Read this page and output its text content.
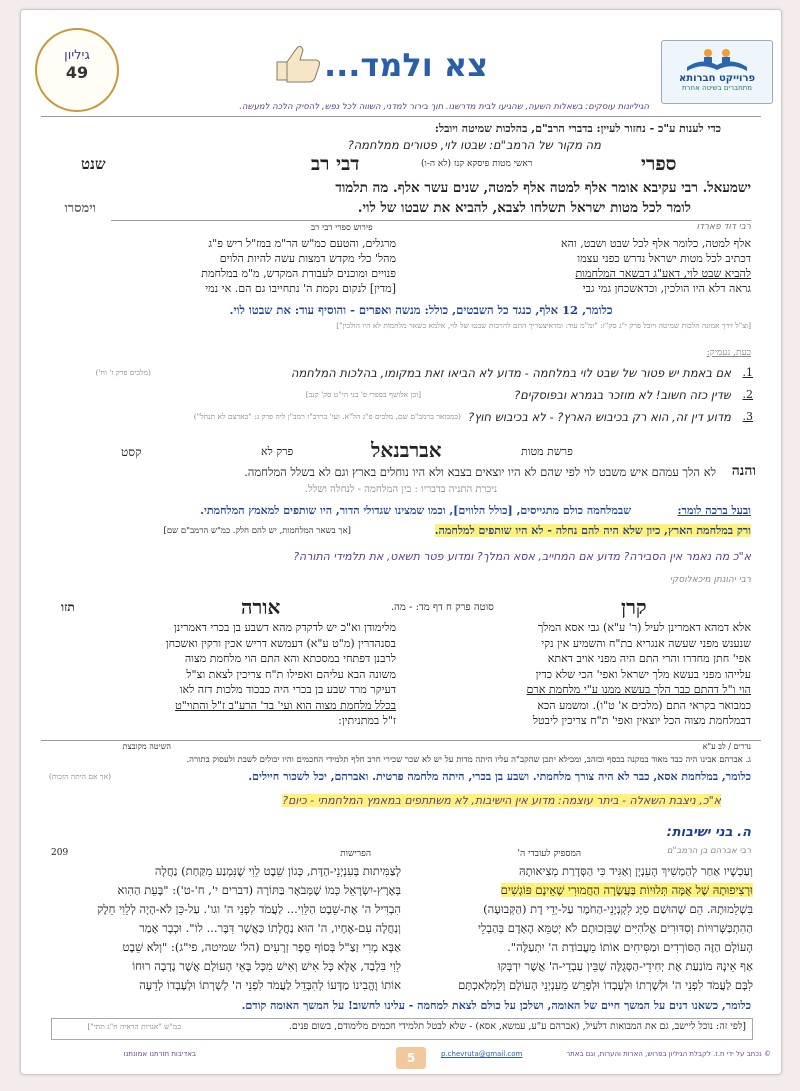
גיליון
49	צא ולמד...	פרוייקט חברותא
מתחברים בשיטה אחרת
הגיליונות עוסקים: בשאלות השעה, שהגיעו לבית מדרשנו. תוך בירור למדני, השווה לכל נפש, להסיק הלכה למעשה.
כדי לענות ע"כ - נחזור לעיין: בדברי הרב"ם, בהלכות שמיטה ויובל:
מה מקור של הרמב"ם: שבטו לוי, פטורים ממלחמה?
ספרי
ראשי מטות פיסקא קנז (לא ה-ו)
דבי רב
שנט
ישמעאל. רבי עקיבא אומר אלף למטה אלף למטה, שנים עשר אלף. מה תלמוד
לומר לכל מטות ישראל תשלחו לצבא, להביא את שבטו של לוי.
וימסרו
רבי דוד פארדו
פירוש ספרי דבי רב
אלף למטה, כלומר אלף לכל שבט ושבט, והא
דכתיב לכל מטות ישראל נדרש כפני עצמו
להביא שבט לוי, דאע"ג דבשאר המלחמות
גראה דלא היו הולכין, וכדאשכחן גמי גבי
מרגלים, והטעם כמ"ש הר"מ במז"ל ריש פ"ג
מהל' כלי מקדש דמצות עשה להיות הלוים
פנויים ומוכנים לעבודת המקדש, מ"מ במלחמת
[מדין] לנקום נקמת ה' נתחייבו גם הם. אי נמי
כלומר, 12 אלף, כנגד כל השבטים, כולל: מנשה ואפרים - והוסיף עוד: את שבטו לוי.
[וצ"ל דרך אמונה הלכות שמיטה ויובל פרק י"ג סק"ז: "ומ"מ עוד: ומדאיצטריך התם להרבות שבטו של לוי, אלמא בשאר מלחמות לא היו הולכין"]
כעת, נעמיק:
1.
אם באמת יש פטור של שבט לוי במלחמה - מדוע לא הביאו זאת במקומו, בהלכות המלחמה
(מלכים פרק ז' וח')
2.
שדין כזה חשוב! לא מוזכר בגמרא ובפוסקים?
[וכן אלושף בספרי פ' בני הי"ט סק' קנב]
3.
מדוע דין זה, הוא רק בכיבוש הארץ? - לא בכיבוש חוץ?
(כמבואר ברמב"ם שם, מלכים פ"ג הל"א. ועי' ברדב"ז רמב"ן ליה פרק ג: "בארצם לא תנחל")
פרשת מטות
אברבנאל
פרק לא
קסט
והנה
לא הלך עמהם איש משבט לוי לפי שהם לא היו יוצאים בצבא ולא היו נוחלים בארץ וגם לא בשלל המלחמה.
ניכרת התניה בדבריו : בין המלחמה - לנחלה ושלל.
ובעל ברכה לומר:
שבמלחמה כולם מתגייסים, [כולל הלווים], וכמו שמצינו שגדולי הדור, היו שותפים למאמץ המלחמתי.
ורק במלחמת הארץ, כיון שלא היה להם נחלה - לא היו שותפים למלחמה.
[אך בשאר המלחמות, יש להם חלק. כמ"ש הרמב"ם שם]
א"כ מה נאמר אין הסבירה? מדוע אם המחייב, אסא המלך? ומדוע פטר תשאט, את תלמידי התורה?
רבי יהונתן מיכאלוסקי
קרן
סוטה פרק ח דף מד: - מה.
אורה
תזו
אלא דמהא דאמרינן לעיל (ר' ע"א) גבי אסא המלך
שנענש מפני שעשה אנגריא בת"ח והשמיע אין נקי
אפי' חתן מחדרו והרי התם היה מפני אויב דאתא
עלייהו מפני בעשא מלך ישראל ואפי' הכי שלא כדין
הוי ו"ל דהתם כבר הלך בעשא ממנו ע"י מלחמת ארם
כמבואר בקראי התם (מלכים א' ט"ו). ומשמע הכא
דבמלחמת מצוה הכל יוצאין ואפי' ת"ח צריכין ליבטל
מלימודן וא"כ יש לדקדק מהא דשבע בן בכרי דאמרינן
בסנהדרין (מ"ט ע"א) דעמשא דריש אכין ורקין ואשכחן
לרבנן דפתחי במסכתא והא התם הוי מלחמת מצוה
משונה הבא עליהם ואפילו ת"ח צריכין לצאת וצ"ל
דעיקר מרד שבע בן בכרי היה כבכוד מלכות דזה לאו
בכלל מלחמת מצוה הוא ועי' בד' הרע"ב ז"ל והתוי"ט
ז"ל במתניתין:
נדרים / לב ע"א
השיטה מקובצת
ג. אברהם אבינו היה כבד מאוד במקנה בכסף ובזהב, ומכילא יתכן שהקב"ה עליו היתה מדות על יש לא שכר שכירי חרב חלף תלמידי החכמים והיו יכולים לשבת ולעסוק בתורה.
כלומר, במלחמת אסא, כבר לא היה צורך מלחמתי. ושבע בן בכרי, היתה מלחמה פרטית. ואברהם, יכל לשכור חיילים.
(אך אם היתה הזכות)
א"כ, ניצבת השאלה - ביתר עוצמה: מדוע אין הישיבות, לא משתתפים במאמץ המלחמתי - כיום?
ה. בני ישיבות:
רבי אברהם בן הרמב"ם
המספיק לעובדי ה'
הפרישות
209
וְעַכְשָׁיו אַחַר לְהַמְשִׁיךְ הָעִנְיָן וְאַגִּיד כִּי הַסְּדָרַת מְצִיאוּתָהּ
וּרְצִיפוּתָהּ שֶׁל אֻמָּה תְּלוּיוֹת בַּעֲשָׂרָה הַחֲמוּרִי שֶׁאֵינָם פּוֹגְשִׁים
בִּשְׁלֵמוּתָהּ. הֵם שֶׁהוּשַׁם סִיָּג לִקְנְיָנֵי-הַחֹמֶר עַל-יְדֵי דָת (הַקְּבוּעָה)
הַהִתְכַּשְּׁרוּיוֹת וְסִדּוּרִים אֱלֹהִיִּים שֶׁבִּזְכוּתָם לֹא יְטַמֵּא הָאָדָם בְּהַבְלֵי
הָעוֹלָם הַזֶּה הַסּוֹרְדִים וּמַסִּיחִים אוֹתוֹ מֵעֲבוֹדַת ה' יִתְעַלֶּה".
אַף אֵינָהּ מוֹנַעַת אֶת יְחִידֵי-הַסְּגֻלָּה שֶׁבֵּין עַבְדֵי-ה' אֲשֶׁר יִדְבְּקוּ
לִבָּם לַעֲמֹד לִפְנֵי ה' וּלְשָׁרְתוֹ וּלְעָבְדוֹ וּלְפָרֵשׁ מֵעִנְיְנֵי הָעוֹלָם וְלִמְלַאכְתָּם
לְצַמִּיתוּת בְּעִנְיְנֵי-הַדָּת, כְּגוֹן שֵׁבֶט לֵוִי שֶׁנִּמְנַע מִקַּחַת) נַחֲלָה
בְּאֶרֶץ-יִשְׂרָאֵל כְּמוֹ שֶׁמְּבֹאָר בַּתּוֹרָה (דברים י', ח'-ט'): "בָּעֵת הַהִוא
הִבְדִּיל ה' אֶת-שֵׁבֶט הַלֵּוִי... לַעֲמֹד לִפְנֵי ה' וגו'. עַל-כֵּן לֹא-הָיָה לְלֵוִי חֵלֶק
וְנַחֲלָה עִם-אֶחָיו, ה' הוּא נַחֲלָתוֹ כַּאֲשֶׁר דִּבֶּר... לוֹ". וּכְבָר אָמַר
אַבָּא מָרִי זַצַ"ל בְּסוֹף סֵפֶר זְרָעִים (הל' שמיטה, פי"ג): "וְלֹא שֵׁבֶט
לֵוִי בִּלְבַד, אֶלָּא כָּל אִישׁ וְאִישׁ מִכָּל בָּאֵי הָעוֹלָם אֲשֶׁר נָדְבָה רוּחוֹ
אוֹתוֹ וֶהֱבִינוֹ מַדָּעוֹ לְהִבָּדֵל לַעֲמֹד לִפְנֵי ה' לְשָׁרְתוֹ וּלְעָבְדוֹ לְדֵעָה
כלומר, כשאנו דנים על המשך חיים של האומה, ושלכן על כולם לצאת למחמה - עלינו לחשוב! על המשך האומה קודם.
[לפי זה: נוכל ליישב, גם את המבואות דלעיל, (אברהם ע"ע, עמשא, אסא) - שלא לבטל תלמידי חכמים מלימודם, בשום פנים.
כמ"ש "אגרות הראיה ח"ג תתי"]
5	© נכתב על ידי ח.ז. לקבלת הגיליון בפרוש, הארות והערות, וגם באתר
p.chevruta@gmail.com
באדיבות תורתנו אמונתנו
